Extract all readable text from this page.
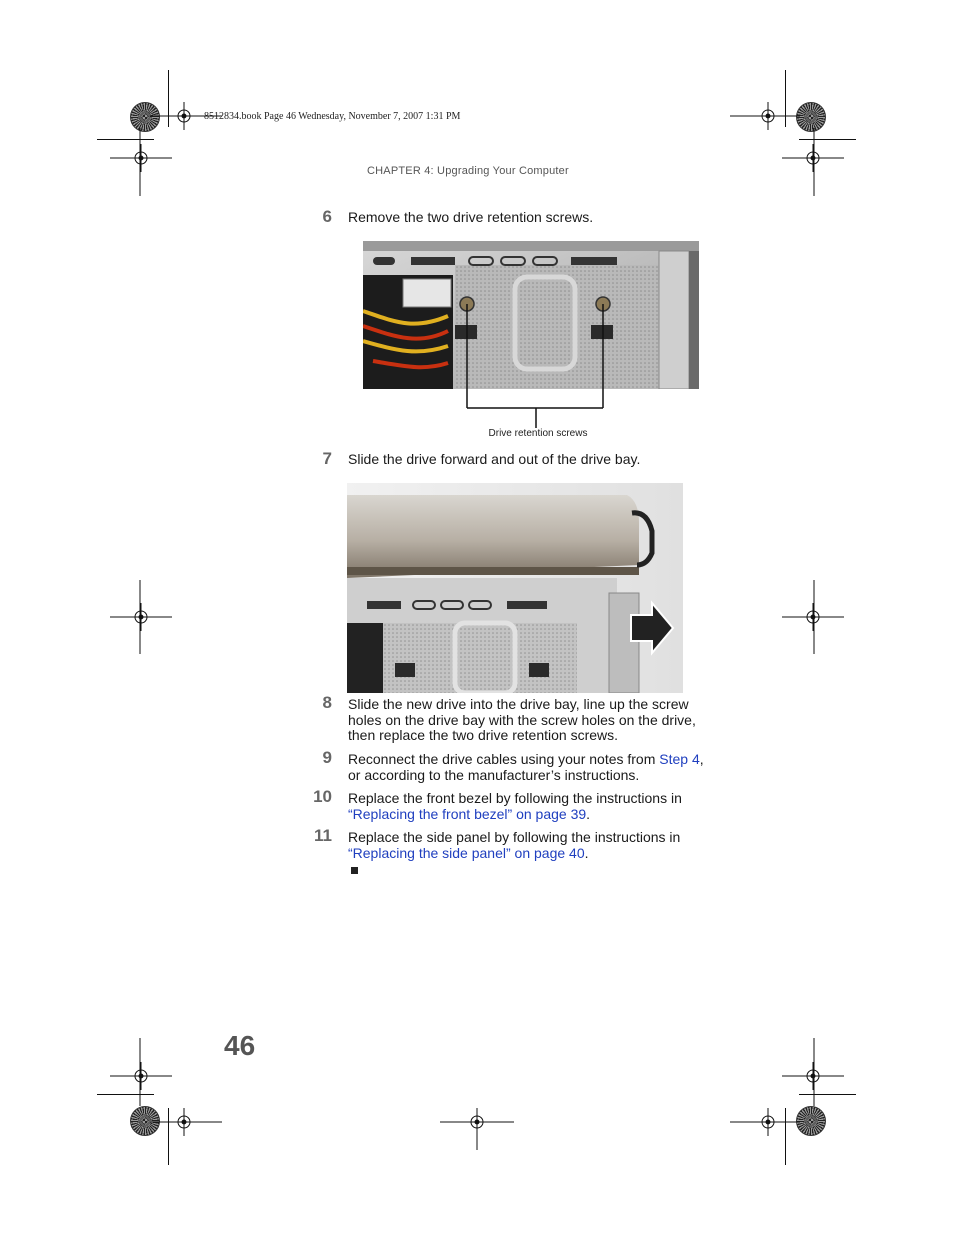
8512834.book Page 46 Wednesday, November 7, 2007 1:31 PM
CHAPTER 4: Upgrading Your Computer
6 Remove the two drive retention screws.
Drive retention screws
7 Slide the drive forward and out of the drive bay.
8 Slide the new drive into the drive bay, line up the screw holes on the drive bay with the screw holes on the drive, then replace the two drive retention screws.
9 Reconnect the drive cables using your notes from Step 4, or according to the manufacturer’s instructions.
10 Replace the front bezel by following the instructions in “Replacing the front bezel” on page 39.
11 Replace the side panel by following the instructions in “Replacing the side panel” on page 40.
46
